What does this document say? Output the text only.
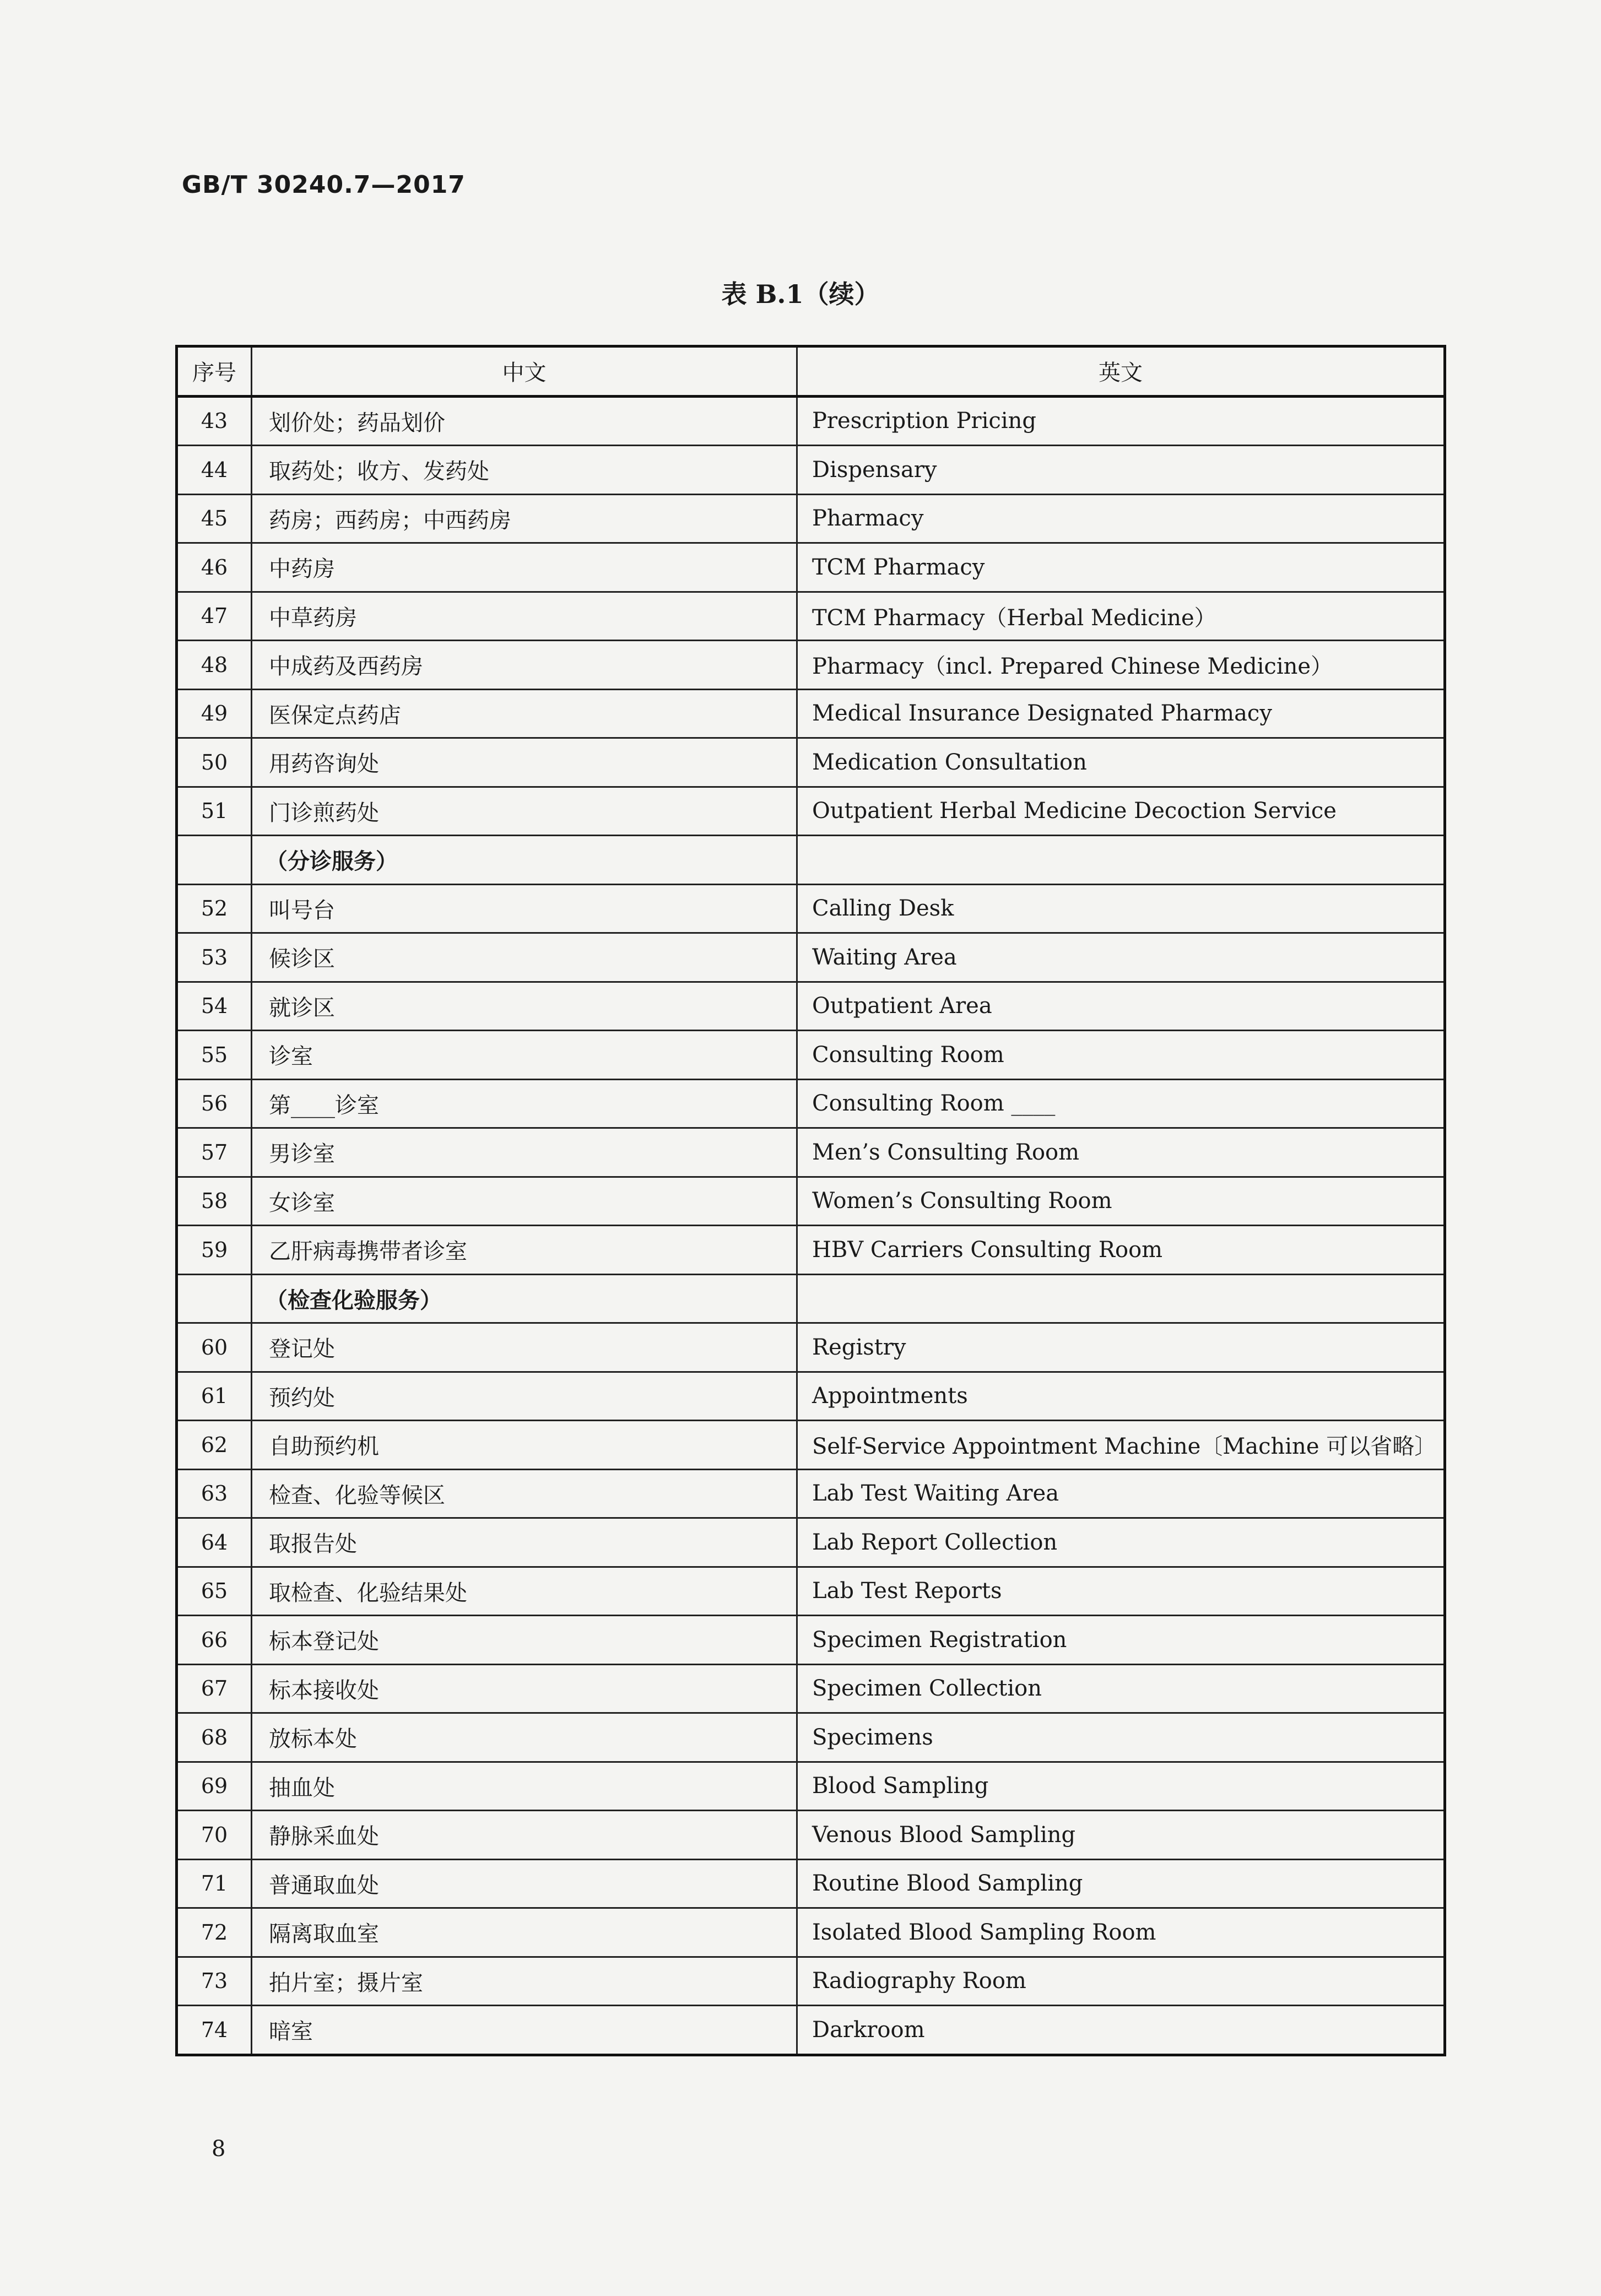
GB/T 30240.7—2017
表 B.1（续）
序号	中文	英文
43	划价处；药品划价	Prescription Pricing
44	取药处；收方、发药处	Dispensary
45	药房；西药房；中西药房	Pharmacy
46	中药房	TCM Pharmacy
47	中草药房	TCM Pharmacy（Herbal Medicine）
48	中成药及西药房	Pharmacy（incl. Prepared Chinese Medicine）
49	医保定点药店	Medical Insurance Designated Pharmacy
50	用药咨询处	Medication Consultation
51	门诊煎药处	Outpatient Herbal Medicine Decoction Service
	（分诊服务）	
52	叫号台	Calling Desk
53	候诊区	Waiting Area
54	就诊区	Outpatient Area
55	诊室	Consulting Room
56	第____诊室	Consulting Room ____
57	男诊室	Men’s Consulting Room
58	女诊室	Women’s Consulting Room
59	乙肝病毒携带者诊室	HBV Carriers Consulting Room
	（检查化验服务）	
60	登记处	Registry
61	预约处	Appointments
62	自助预约机	Self-Service Appointment Machine〔Machine 可以省略〕
63	检查、化验等候区	Lab Test Waiting Area
64	取报告处	Lab Report Collection
65	取检查、化验结果处	Lab Test Reports
66	标本登记处	Specimen Registration
67	标本接收处	Specimen Collection
68	放标本处	Specimens
69	抽血处	Blood Sampling
70	静脉采血处	Venous Blood Sampling
71	普通取血处	Routine Blood Sampling
72	隔离取血室	Isolated Blood Sampling Room
73	拍片室；摄片室	Radiography Room
74	暗室	Darkroom
8
